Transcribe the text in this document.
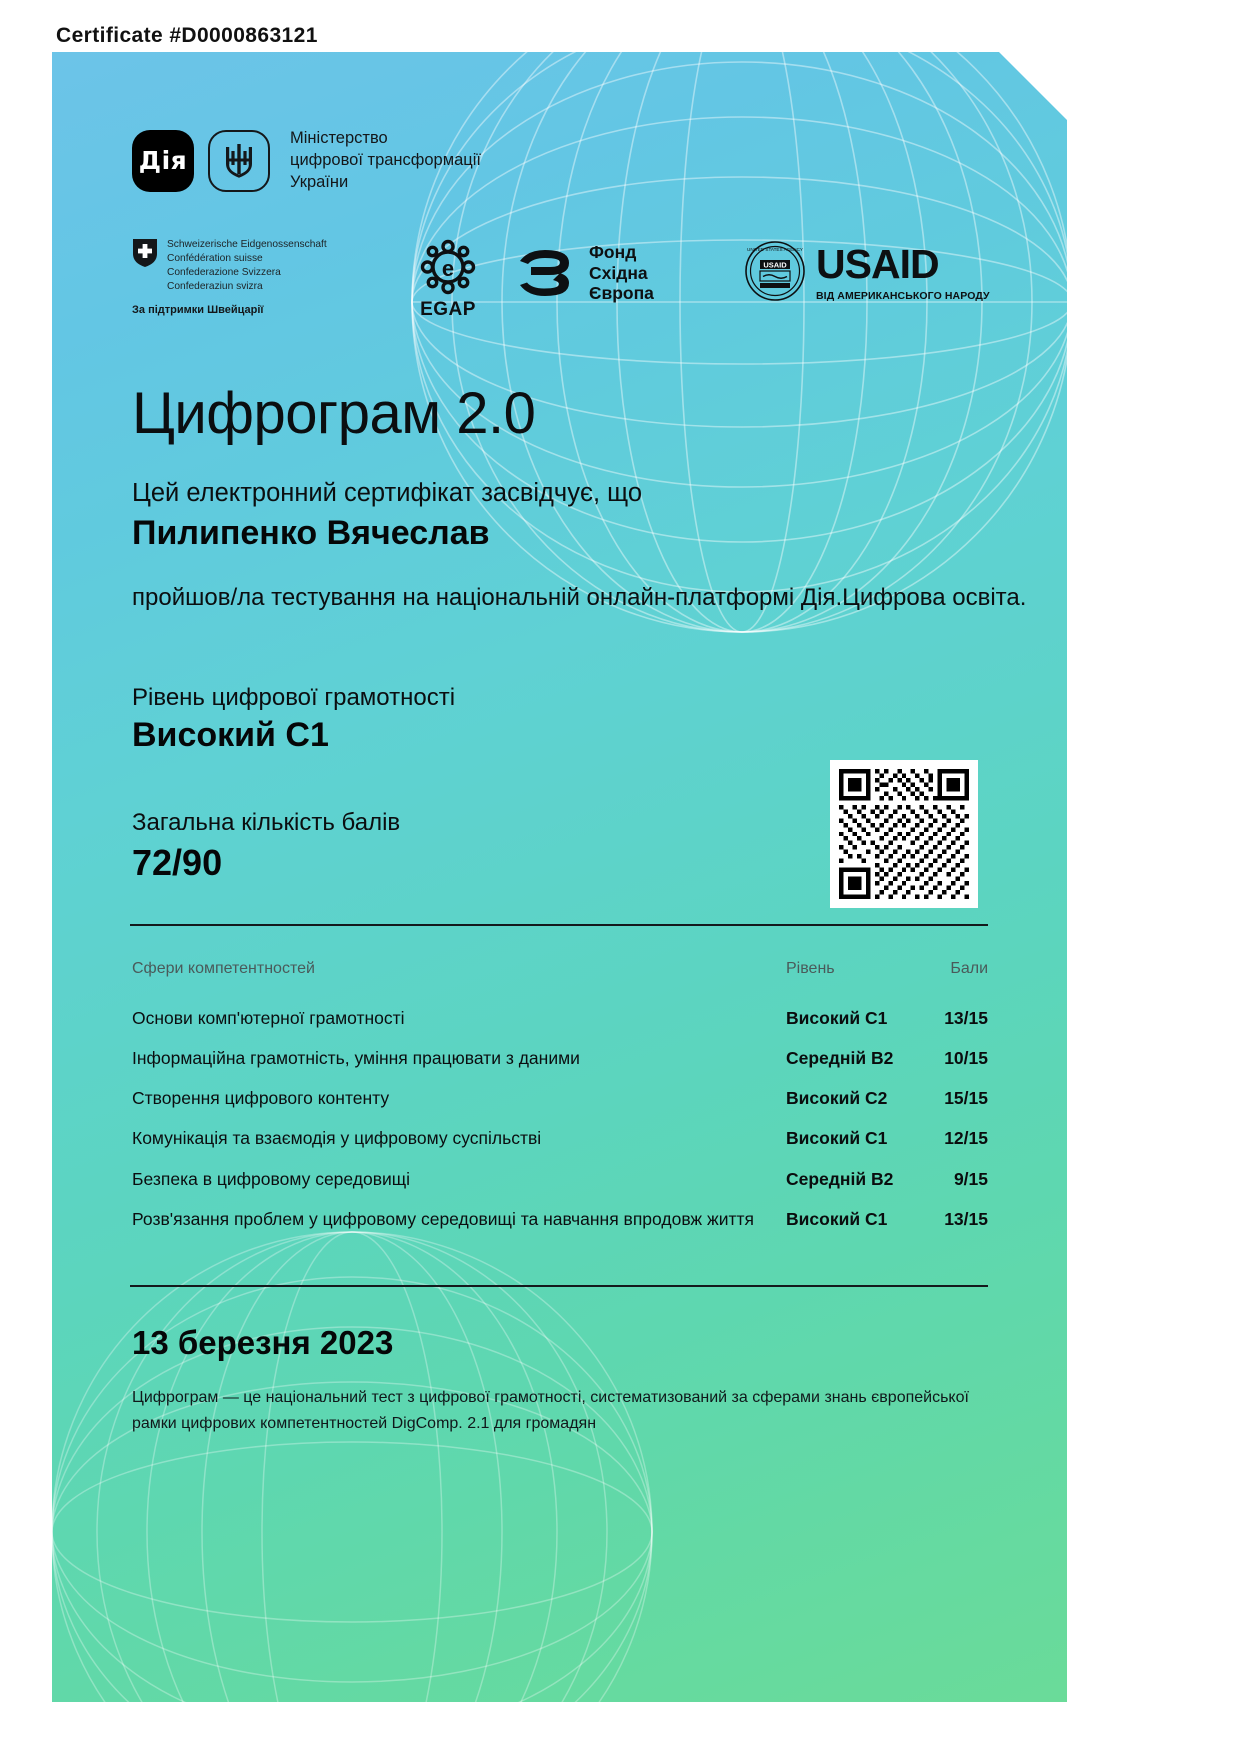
Certificate #D0000863121
Дія
Міністерство
цифрової трансформації
України
Schweizerische Eidgenossenschaft
Confédération suisse
Confederazione Svizzera
Confederaziun svizra
За підтримки Швейцарії
e
EGAP
Фонд
Східна
Європа
USAID
UNITED STATES AGENCY USAID
ВІД АМЕРИКАНСЬКОГО НАРОДУ
Цифрограм 2.0
Цей електронний сертифікат засвідчує, що
Пилипенко Вячеслав
пройшов/ла тестування на національній онлайн-платформі Дія.Цифрова освіта.
Рівень цифрової грамотності
Високий С1
Загальна кількість балів
72/90
Сфери компетентностей	Рівень	Бали
Основи комп'ютерної грамотності	Високий С1	13/15
Інформаційна грамотність, уміння працювати з даними	Середній В2	10/15
Створення цифрового контенту	Високий С2	15/15
Комунікація та взаємодія у цифровому суспільстві	Високий С1	12/15
Безпека в цифровому середовищі	Середній В2	9/15
Розв'язання проблем у цифровому середовищі та навчання впродовж життя	Високий С1	13/15
13 березня 2023
Цифрограм — це національний тест з цифрової грамотності, систематизований за сферами знань європейської рамки цифрових компетентностей DigComp. 2.1 для громадян
